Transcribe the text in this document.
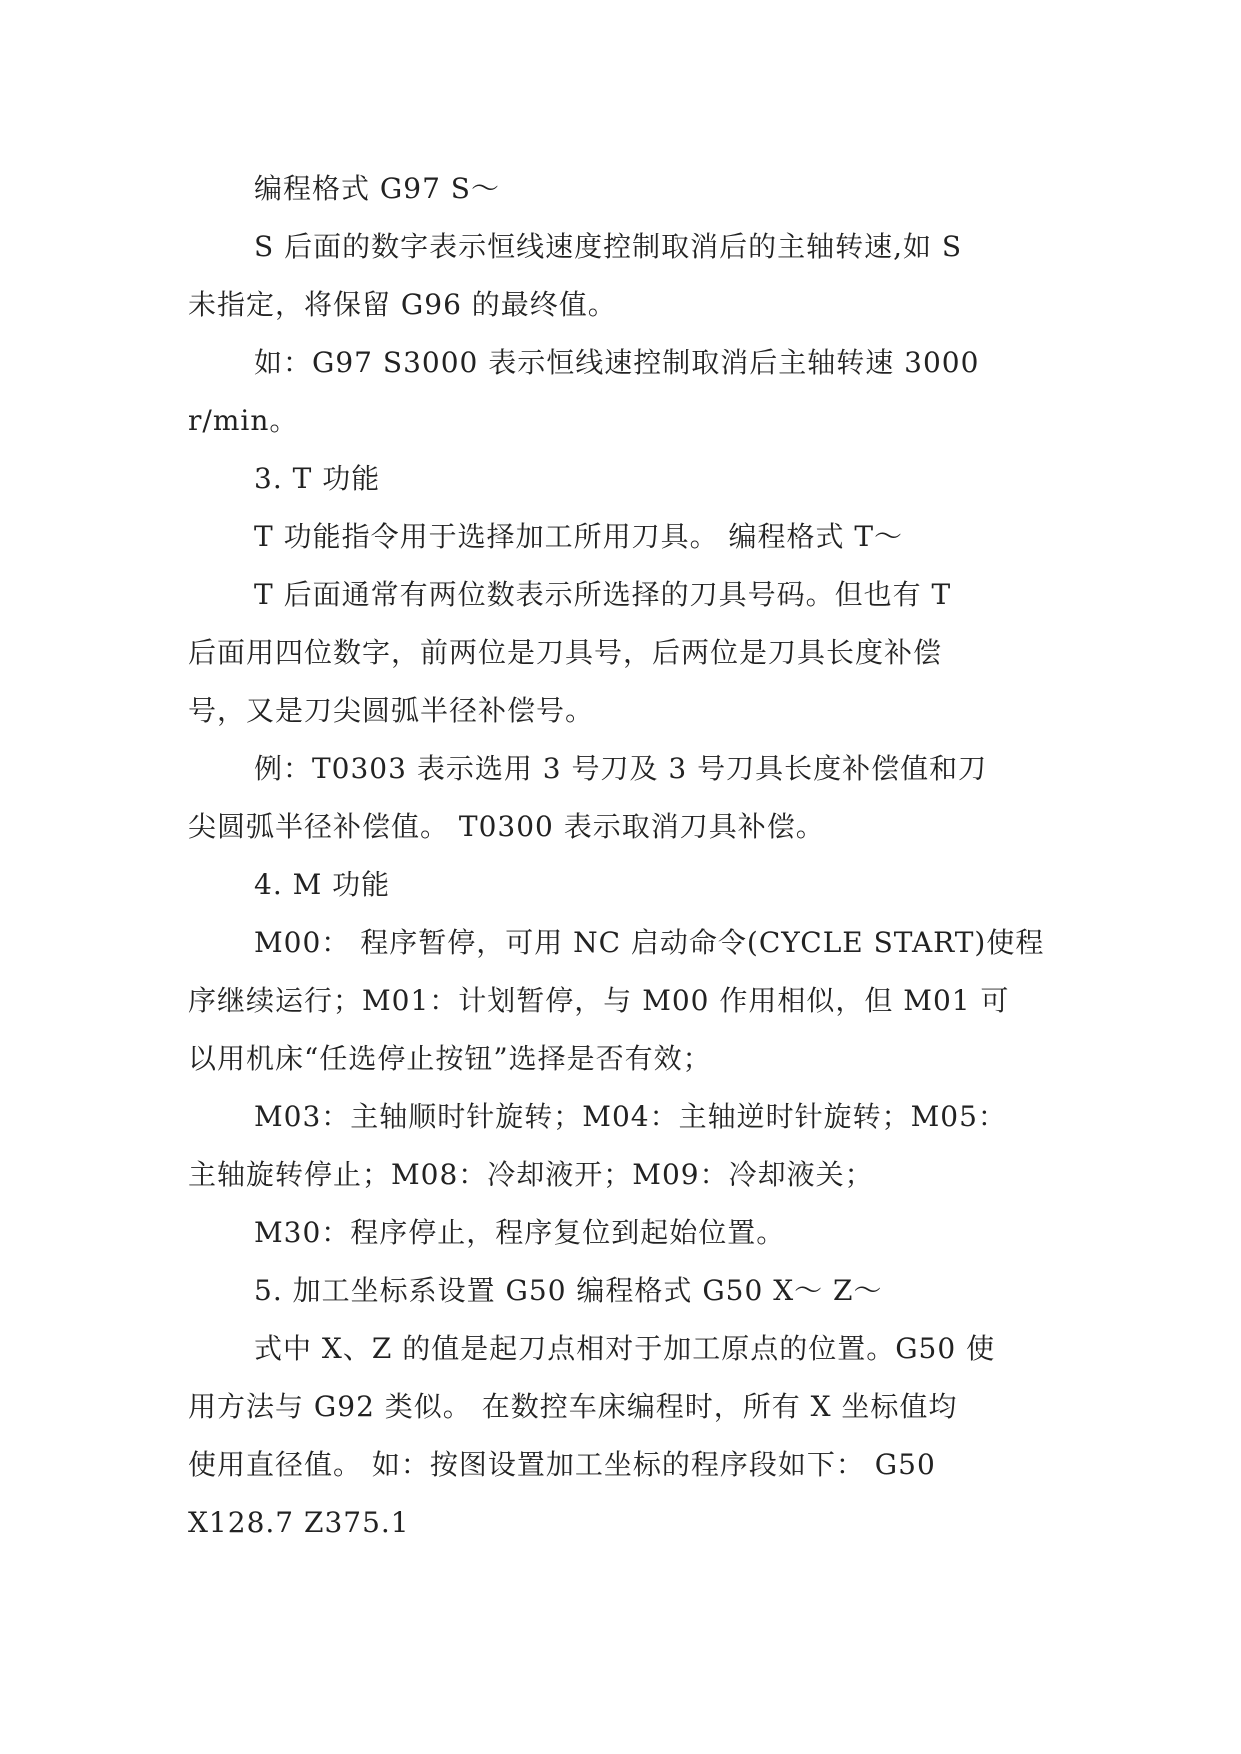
编程格式 G97 S～
S 后面的数字表示恒线速度控制取消后的主轴转速,如 S
未指定，将保留 G96 的最终值。
如：G97 S3000 表示恒线速控制取消后主轴转速 3000
r/min。
3. T 功能
T 功能指令用于选择加工所用刀具。 编程格式 T～
T 后面通常有两位数表示所选择的刀具号码。但也有 T
后面用四位数字，前两位是刀具号，后两位是刀具长度补偿
号，又是刀尖圆弧半径补偿号。
例：T0303 表示选用 3 号刀及 3 号刀具长度补偿值和刀
尖圆弧半径补偿值。 T0300 表示取消刀具补偿。
4. M 功能
M00： 程序暂停，可用 NC 启动命令(CYCLE START)使程
序继续运行；M01：计划暂停，与 M00 作用相似，但 M01 可
以用机床“任选停止按钮”选择是否有效；
M03：主轴顺时针旋转；M04：主轴逆时针旋转；M05：
主轴旋转停止；M08：冷却液开；M09：冷却液关；
M30：程序停止，程序复位到起始位置。
5. 加工坐标系设置 G50 编程格式 G50 X～ Z～
式中 X、Z 的值是起刀点相对于加工原点的位置。G50 使
用方法与 G92 类似。 在数控车床编程时，所有 X 坐标值均
使用直径值。 如：按图设置加工坐标的程序段如下： G50
X128.7 Z375.1
